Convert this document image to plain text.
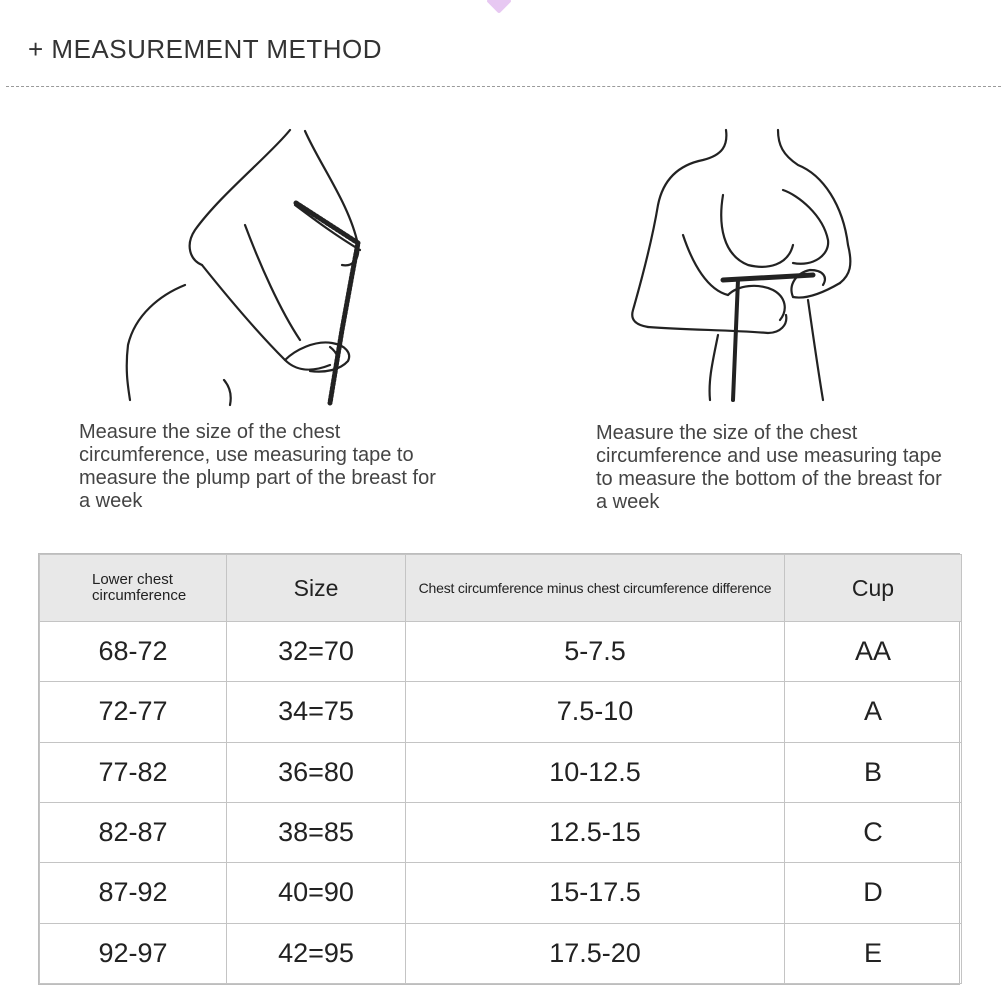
+ MEASUREMENT METHOD
Measure the size of the chest
circumference, use measuring tape to
measure the plump part of the breast for
a week
Measure the size of the chest
circumference and use measuring tape
to measure the bottom of the breast for
a week
Lower chest
circumference	Size	Chest circumference minus chest circumference difference	Cup
68-72	32=70	5-7.5	AA
72-77	34=75	7.5-10	A
77-82	36=80	10-12.5	B
82-87	38=85	12.5-15	C
87-92	40=90	15-17.5	D
92-97	42=95	17.5-20	E
